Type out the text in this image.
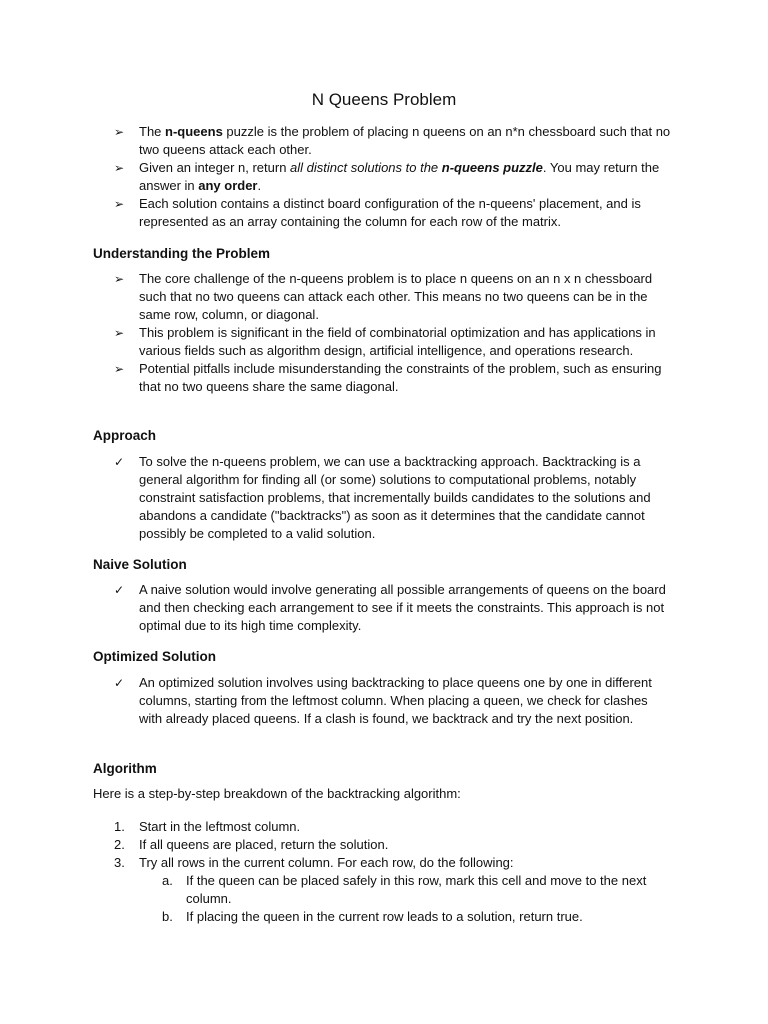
N Queens Problem
➢	The n-queens puzzle is the problem of placing n queens on an n*n chessboard such that no two queens attack each other.
➢	Given an integer n, return all distinct solutions to the n-queens puzzle. You may return the answer in any order.
➢	Each solution contains a distinct board configuration of the n-queens' placement, and is represented as an array containing the column for each row of the matrix.
Understanding the Problem
➢	The core challenge of the n-queens problem is to place n queens on an n x n chessboard such that no two queens can attack each other. This means no two queens can be in the same row, column, or diagonal.
➢	This problem is significant in the field of combinatorial optimization and has applications in various fields such as algorithm design, artificial intelligence, and operations research.
➢	Potential pitfalls include misunderstanding the constraints of the problem, such as ensuring that no two queens share the same diagonal.
Approach
✓	To solve the n-queens problem, we can use a backtracking approach. Backtracking is a general algorithm for finding all (or some) solutions to computational problems, notably constraint satisfaction problems, that incrementally builds candidates to the solutions and abandons a candidate ("backtracks") as soon as it determines that the candidate cannot possibly be completed to a valid solution.
Naive Solution
✓	A naive solution would involve generating all possible arrangements of queens on the board and then checking each arrangement to see if it meets the constraints. This approach is not optimal due to its high time complexity.
Optimized Solution
✓	An optimized solution involves using backtracking to place queens one by one in different columns, starting from the leftmost column. When placing a queen, we check for clashes with already placed queens. If a clash is found, we backtrack and try the next position.
Algorithm
Here is a step-by-step breakdown of the backtracking algorithm:
1. Start in the leftmost column.
2. If all queens are placed, return the solution.
3. Try all rows in the current column. For each row, do the following:
a. If the queen can be placed safely in this row, mark this cell and move to the next column.
b. If placing the queen in the current row leads to a solution, return true.
